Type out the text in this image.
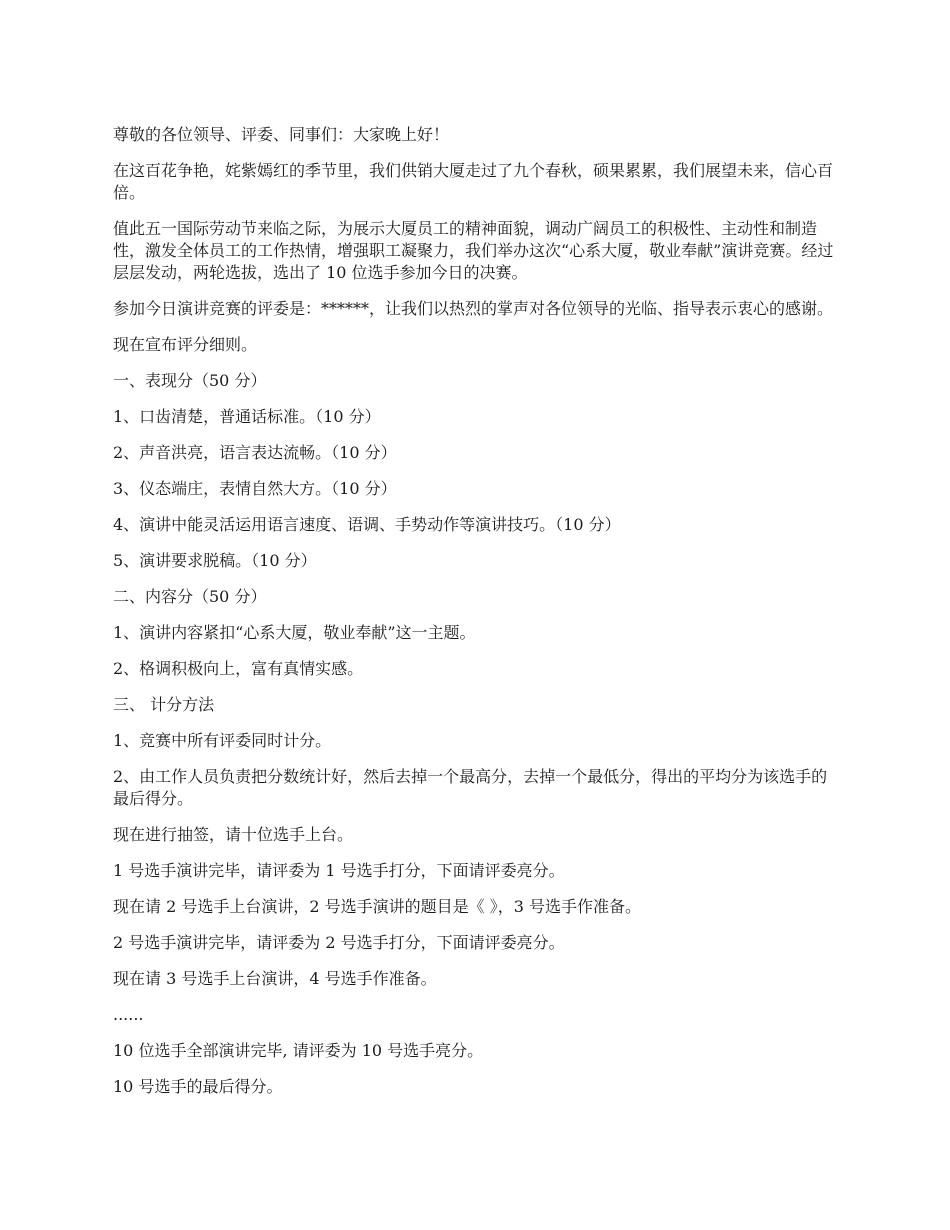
尊敬的各位领导、评委、同事们：大家晚上好！

在这百花争艳，姹紫嫣红的季节里，我们供销大厦走过了九个春秋，硕果累累，我们展望未来，信心百倍。

值此五一国际劳动节来临之际，为展示大厦员工的精神面貌，调动广阔员工的积极性、主动性和制造性，激发全体员工的工作热情，增强职工凝聚力，我们举办这次“心系大厦，敬业奉献”演讲竞赛。经过层层发动，两轮选拔，选出了 10 位选手参加今日的决赛。

参加今日演讲竞赛的评委是：******，让我们以热烈的掌声对各位领导的光临、指导表示衷心的感谢。

现在宣布评分细则。

一、表现分（50 分）

1、口齿清楚，普通话标准。（10 分）

2、声音洪亮，语言表达流畅。（10 分）

3、仪态端庄，表情自然大方。（10 分）

4、演讲中能灵活运用语言速度、语调、手势动作等演讲技巧。（10 分）

5、演讲要求脱稿。（10 分）

二、内容分（50 分）

1、演讲内容紧扣“心系大厦，敬业奉献”这一主题。

2、格调积极向上，富有真情实感。

三、 计分方法

1、竞赛中所有评委同时计分。

2、由工作人员负责把分数统计好，然后去掉一个最高分，去掉一个最低分，得出的平均分为该选手的最后得分。

现在进行抽签，请十位选手上台。

1 号选手演讲完毕，请评委为 1 号选手打分，下面请评委亮分。

现在请 2 号选手上台演讲，2 号选手演讲的题目是《 》，3 号选手作准备。

2 号选手演讲完毕，请评委为 2 号选手打分，下面请评委亮分。

现在请 3 号选手上台演讲，4 号选手作准备。

......

10 位选手全部演讲完毕, 请评委为 10 号选手亮分。

10 号选手的最后得分。
